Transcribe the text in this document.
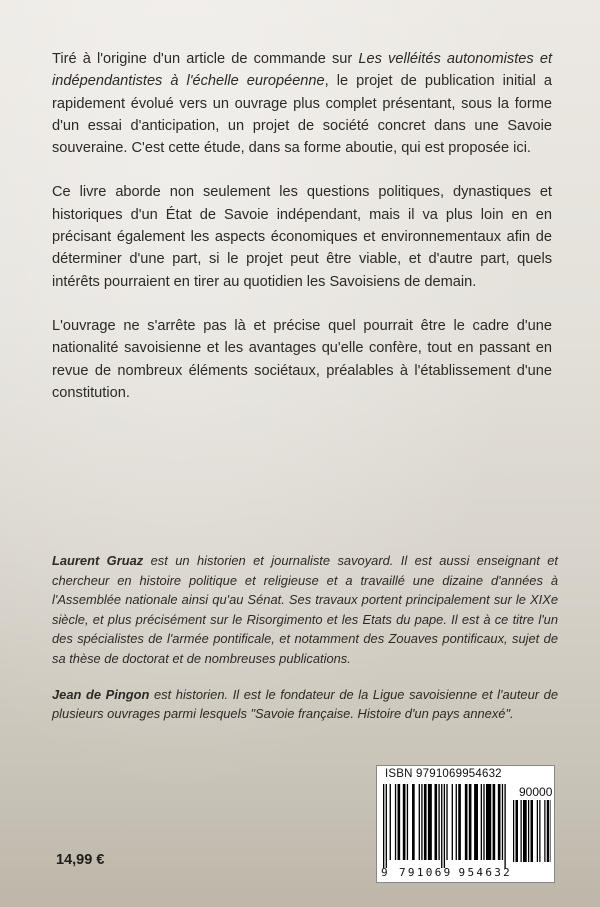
Tiré à l'origine d'un article de commande sur Les velléités autonomistes et indépendantistes à l'échelle européenne, le projet de publication initial a rapidement évolué vers un ouvrage plus complet présentant, sous la forme d'un essai d'anticipation, un projet de société concret dans une Savoie souveraine. C'est cette étude, dans sa forme aboutie, qui est proposée ici.

Ce livre aborde non seulement les questions politiques, dynastiques et historiques d'un État de Savoie indépendant, mais il va plus loin en en précisant également les aspects économiques et environnementaux afin de déterminer d'une part, si le projet peut être viable, et d'autre part, quels intérêts pourraient en tirer au quotidien les Savoisiens de demain.

L'ouvrage ne s'arrête pas là et précise quel pourrait être le cadre d'une nationalité savoisienne et les avantages qu'elle confère, tout en passant en revue de nombreux éléments sociétaux, préalables à l'établissement d'une constitution.

Laurent Gruaz est un historien et journaliste savoyard. Il est aussi enseignant et chercheur en histoire politique et religieuse et a travaillé une dizaine d'années à l'Assemblée nationale ainsi qu'au Sénat. Ses travaux portent principalement sur le XIXe siècle, et plus précisément sur le Risorgimento et les Etats du pape. Il est à ce titre l'un des spécialistes de l'armée pontificale, et notamment des Zouaves pontificaux, sujet de sa thèse de doctorat et de nombreuses publications.

Jean de Pingon est historien. Il est le fondateur de la Ligue savoisienne et l'auteur de plusieurs ouvrages parmi lesquels "Savoie française. Histoire d'un pays annexé".

14,99 €
ISBN 9791069954632
90000
9	791069 954632
